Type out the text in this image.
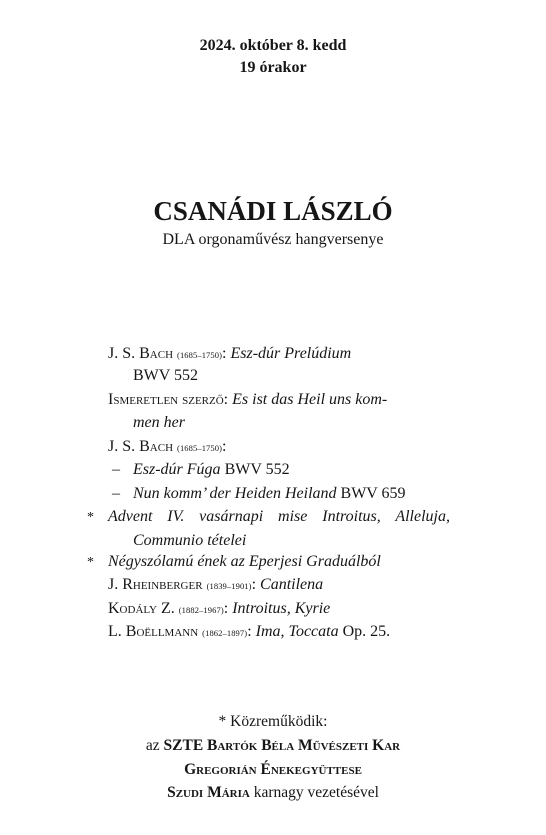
2024. október 8. kedd
19 órakor
CSANÁDI LÁSZLÓ
DLA orgonaművész hangversenye
J. S. Bach (1685–1750): Esz-dúr Prelúdium
BWV 552
Ismeretlen szerző: Es ist das Heil uns kom-
men her
J. S. Bach (1685–1750):
– Esz-dúr Fúga BWV 552
– Nun komm’ der Heiden Heiland BWV 659
* Advent IV. vasárnapi mise Introitus, Alleluja,
Communio tételei
* Négyszólamú ének az Eperjesi Graduálból
J. Rheinberger (1839–1901): Cantilena
Kodály Z. (1882–1967): Introitus, Kyrie
L. Boëllmann (1862–1897): Ima, Toccata Op. 25.
* Közreműködik:
az SZTE Bartók Béla Művészeti Kar
Gregorián Énekegyüttese
Szudi Mária karnagy vezetésével
